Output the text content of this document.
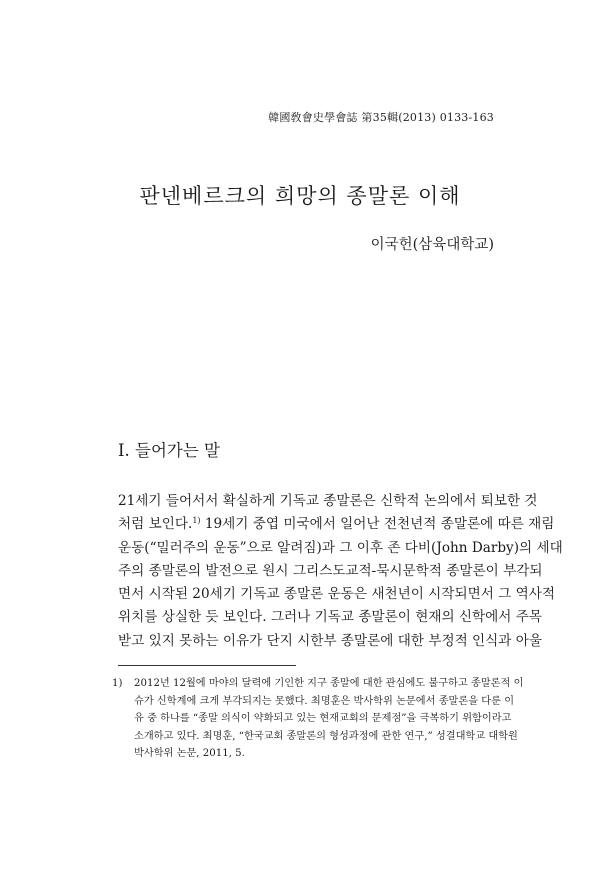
韓國敎會史學會誌 第35輯(2013) 0133-163
판넨베르크의 희망의 종말론 이해

이국헌(삼육대학교)

I. 들어가는 말
21세기 들어서서 확실하게 기독교 종말론은 신학적 논의에서 퇴보한 것
처럼 보인다.$^{1)}$ 19세기 중엽 미국에서 일어난 전천년적 종말론에 따른 재림
운동(“밀러주의 운동”으로 알려짐)과 그 이후 존 다비(John Darby)의 세대
주의 종말론의 발전으로 원시 그리스도교적-묵시문학적 종말론이 부각되
면서 시작된 20세기 기독교 종말론 운동은 새천년이 시작되면서 그 역사적
위치를 상실한 듯 보인다. 그러나 기독교 종말론이 현재의 신학에서 주목
받고 있지 못하는 이유가 단지 시한부 종말론에 대한 부정적 인식과 아울
1) 2012년 12월에 마야의 달력에 기인한 지구 종말에 대한 관심에도 불구하고 종말론적 이
슈가 신학계에 크게 부각되지는 못했다. 최명훈은 박사학위 논문에서 종말론을 다룬 이
유 중 하나를 “종말 의식이 약화되고 있는 현재교회의 문제점”을 극복하기 위함이라고
소개하고 있다. 최명훈, “한국교회 종말론의 형성과정에 관한 연구,” 성결대학교 대학원
박사학위 논문, 2011, 5.
